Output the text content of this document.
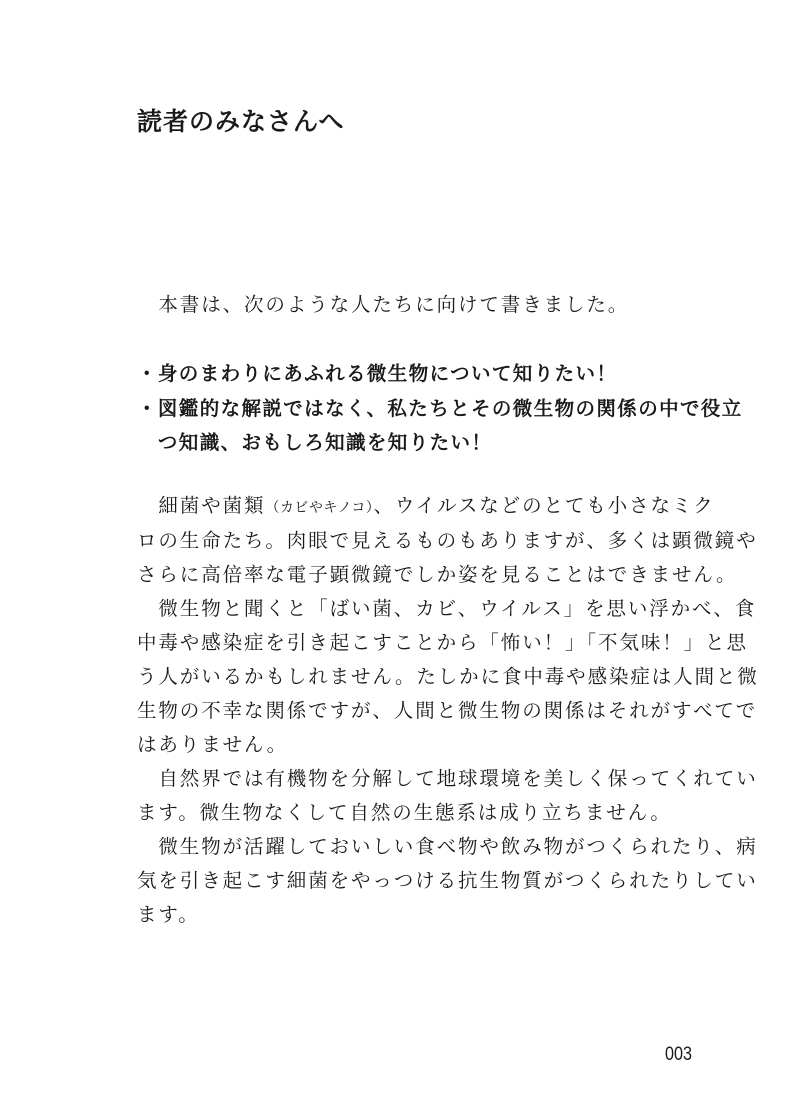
読者のみなさんへ
　本書は、次のような人たちに向けて書きました。
・身のまわりにあふれる微生物について知りたい！
・図鑑的な解説ではなく、私たちとその微生物の関係の中で役立
　つ知識、おもしろ知識を知りたい！
　細菌や菌類（カビやキノコ）、ウイルスなどのとても小さなミク
ロの生命たち。肉眼で見えるものもありますが、多くは顕微鏡や
さらに高倍率な電子顕微鏡でしか姿を見ることはできません。
　微生物と聞くと「ばい菌、カビ、ウイルス」を思い浮かべ、食
中毒や感染症を引き起こすことから「怖い！」「不気味！」と思
う人がいるかもしれません。たしかに食中毒や感染症は人間と微
生物の不幸な関係ですが、人間と微生物の関係はそれがすべてで
はありません。
　自然界では有機物を分解して地球環境を美しく保ってくれてい
ます。微生物なくして自然の生態系は成り立ちません。
　微生物が活躍しておいしい食べ物や飲み物がつくられたり、病
気を引き起こす細菌をやっつける抗生物質がつくられたりしてい
ます。
003
